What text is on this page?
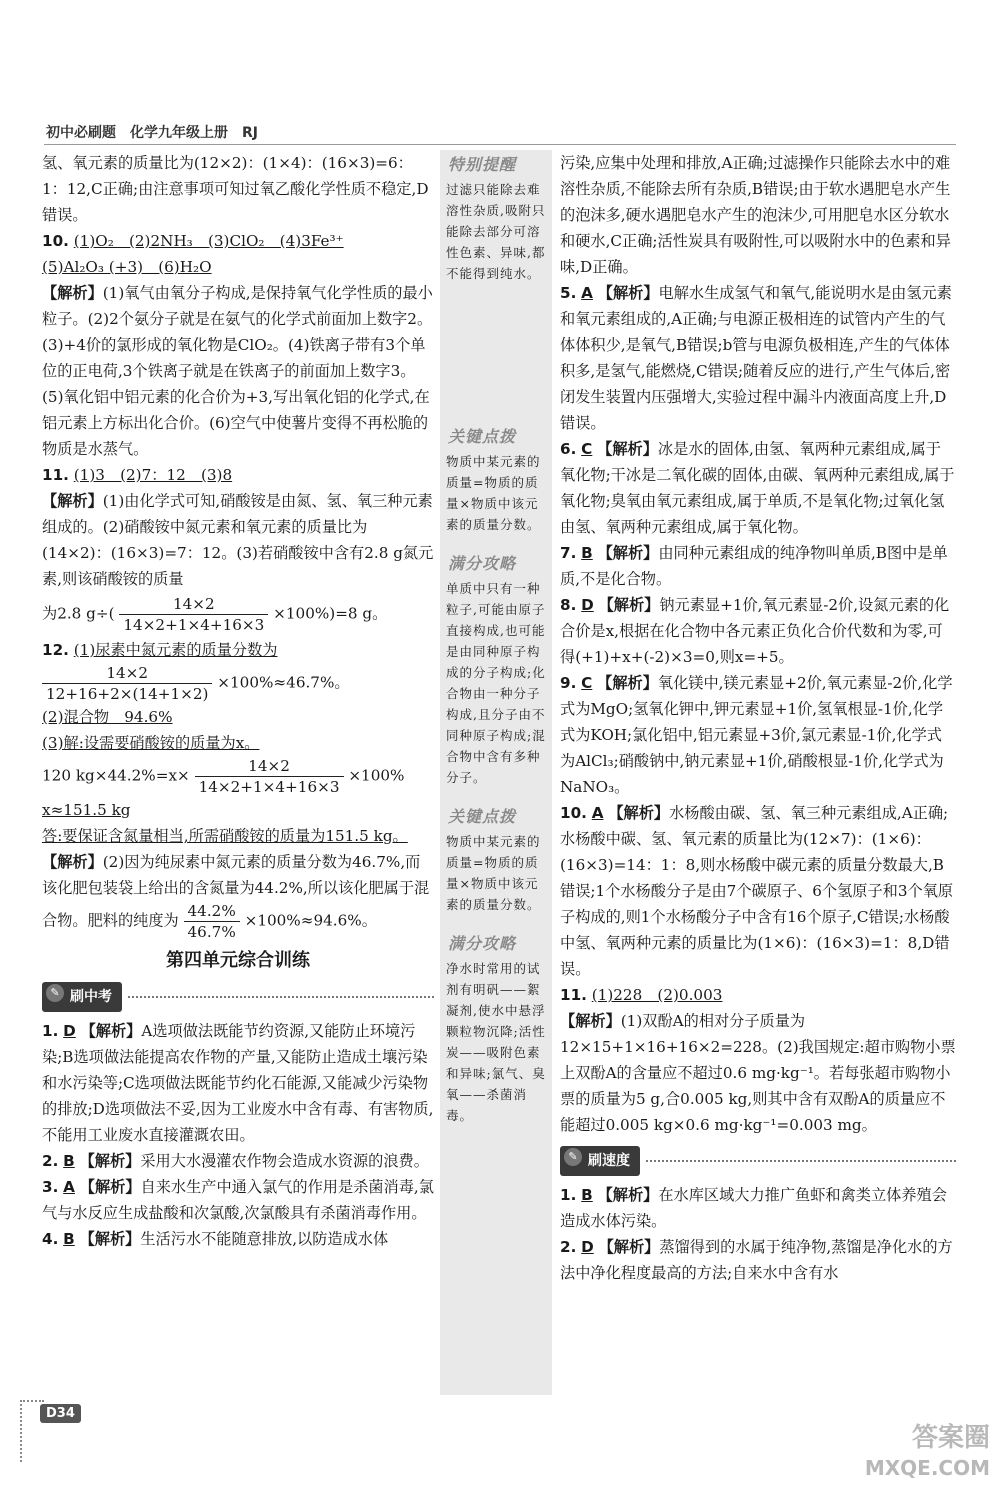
初中必刷题　化学九年级上册　RJ

氢、氧元素的质量比为(12×2)：(1×4)：(16×3)=6：1：12,C正确;由注意事项可知过氧乙酸化学性质不稳定,D错误。

10. (1)O₂　(2)2NH₃　(3)ClO₂　(4)3Fe³⁺

(5)Al₂O₃ (+3)　(6)H₂O

【解析】(1)氧气由氧分子构成,是保持氧气化学性质的最小粒子。(2)2个氨分子就是在氨气的化学式前面加上数字2。(3)+4价的氯形成的氧化物是ClO₂。(4)铁离子带有3个单位的正电荷,3个铁离子就是在铁离子的前面加上数字3。(5)氧化铝中铝元素的化合价为+3,写出氧化铝的化学式,在铝元素上方标出化合价。(6)空气中使薯片变得不再松脆的物质是水蒸气。

11. (1)3　(2)7：12　(3)8

【解析】(1)由化学式可知,硝酸铵是由氮、氢、氧三种元素组成的。(2)硝酸铵中氮元素和氧元素的质量比为(14×2)：(16×3)=7：12。(3)若硝酸铵中含有2.8 g氮元素,则该硝酸铵的质量

为2.8 $g\div( \frac{14\times 2}{14\times 2+1\times 4+16\times 3} \times 100\%)=8$ g。

12. (1)尿素中氮元素的质量分数为

$\frac{14\times 2}{12+16+2\times(14+1\times 2)} \times 100\%\approx 46.7\%$。

(2)混合物　94.6%

(3)解:设需要硝酸铵的质量为x。

120 $kg\times 44.2\%=x\times \frac{14\times 2}{14\times 2+1\times 4+16\times 3} \times 100\%$

x≈151.5 kg

答:要保证含氮量相当,所需硝酸铵的质量为151.5 kg。

【解析】(2)因为纯尿素中氮元素的质量分数为46.7%,而该化肥包装袋上给出的含氮量为44.2%,所以该化肥属于混合物。肥料的纯度为 $\frac{44.2\%}{46.7\%} \times 100\%\approx 94.6\%$。

第四单元综合训练
✎ 刷中考

1. D 【解析】A选项做法既能节约资源,又能防止环境污染;B选项做法能提高农作物的产量,又能防止造成土壤污染和水污染等;C选项做法既能节约化石能源,又能减少污染物的排放;D选项做法不妥,因为工业废水中含有毒、有害物质,不能用工业废水直接灌溉农田。

2. B 【解析】采用大水漫灌农作物会造成水资源的浪费。

3. A 【解析】自来水生产中通入氯气的作用是杀菌消毒,氯气与水反应生成盐酸和次氯酸,次氯酸具有杀菌消毒作用。

4. B 【解析】生活污水不能随意排放,以防造成水体

特别提醒
过滤只能除去难溶性杂质,吸附只能除去部分可溶性色素、异味,都不能得到纯水。
关键点拨
物质中某元素的质量=物质的质量×物质中该元素的质量分数。
满分攻略
单质中只有一种粒子,可能由原子直接构成,也可能是由同种原子构成的分子构成;化合物由一种分子构成,且分子由不同种原子构成;混合物中含有多种分子。
关键点拨
物质中某元素的质量=物质的质量×物质中该元素的质量分数。
满分攻略
净水时常用的试剂有明矾——絮凝剂,使水中悬浮颗粒物沉降;活性炭——吸附色素和异味;氯气、臭氧——杀菌消毒。

污染,应集中处理和排放,A正确;过滤操作只能除去水中的难溶性杂质,不能除去所有杂质,B错误;由于软水遇肥皂水产生的泡沫多,硬水遇肥皂水产生的泡沫少,可用肥皂水区分软水和硬水,C正确;活性炭具有吸附性,可以吸附水中的色素和异味,D正确。

5. A 【解析】电解水生成氢气和氧气,能说明水是由氢元素和氧元素组成的,A正确;与电源正极相连的试管内产生的气体体积少,是氧气,B错误;b管与电源负极相连,产生的气体体积多,是氢气,能燃烧,C错误;随着反应的进行,产生气体后,密闭发生装置内压强增大,实验过程中漏斗内液面高度上升,D错误。

6. C 【解析】冰是水的固体,由氢、氧两种元素组成,属于氧化物;干冰是二氧化碳的固体,由碳、氧两种元素组成,属于氧化物;臭氧由氧元素组成,属于单质,不是氧化物;过氧化氢由氢、氧两种元素组成,属于氧化物。

7. B 【解析】由同种元素组成的纯净物叫单质,B图中是单质,不是化合物。

8. D 【解析】钠元素显+1价,氧元素显-2价,设氮元素的化合价是x,根据在化合物中各元素正负化合价代数和为零,可得(+1)+x+(-2)×3=0,则x=+5。

9. C 【解析】氧化镁中,镁元素显+2价,氧元素显-2价,化学式为MgO;氢氧化钾中,钾元素显+1价,氢氧根显-1价,化学式为KOH;氯化铝中,铝元素显+3价,氯元素显-1价,化学式为AlCl₃;硝酸钠中,钠元素显+1价,硝酸根显-1价,化学式为NaNO₃。

10. A 【解析】水杨酸由碳、氢、氧三种元素组成,A正确;水杨酸中碳、氢、氧元素的质量比为(12×7)：(1×6)：(16×3)=14：1：8,则水杨酸中碳元素的质量分数最大,B错误;1个水杨酸分子是由7个碳原子、6个氢原子和3个氧原子构成的,则1个水杨酸分子中含有16个原子,C错误;水杨酸中氢、氧两种元素的质量比为(1×6)：(16×3)=1：8,D错误。

11. (1)228　(2)0.003

【解析】(1)双酚A的相对分子质量为12×15+1×16+16×2=228。(2)我国规定:超市购物小票上双酚A的含量应不超过0.6 mg·kg⁻¹。若每张超市购物小票的质量为5 g,合0.005 kg,则其中含有双酚A的质量应不能超过0.005 kg×0.6 mg·kg⁻¹=0.003 mg。

✎ 刷速度

1. B 【解析】在水库区域大力推广鱼虾和禽类立体养殖会造成水体污染。

2. D 【解析】蒸馏得到的水属于纯净物,蒸馏是净化水的方法中净化程度最高的方法;自来水中含有水

D34
答案圈
MXQE.COM
